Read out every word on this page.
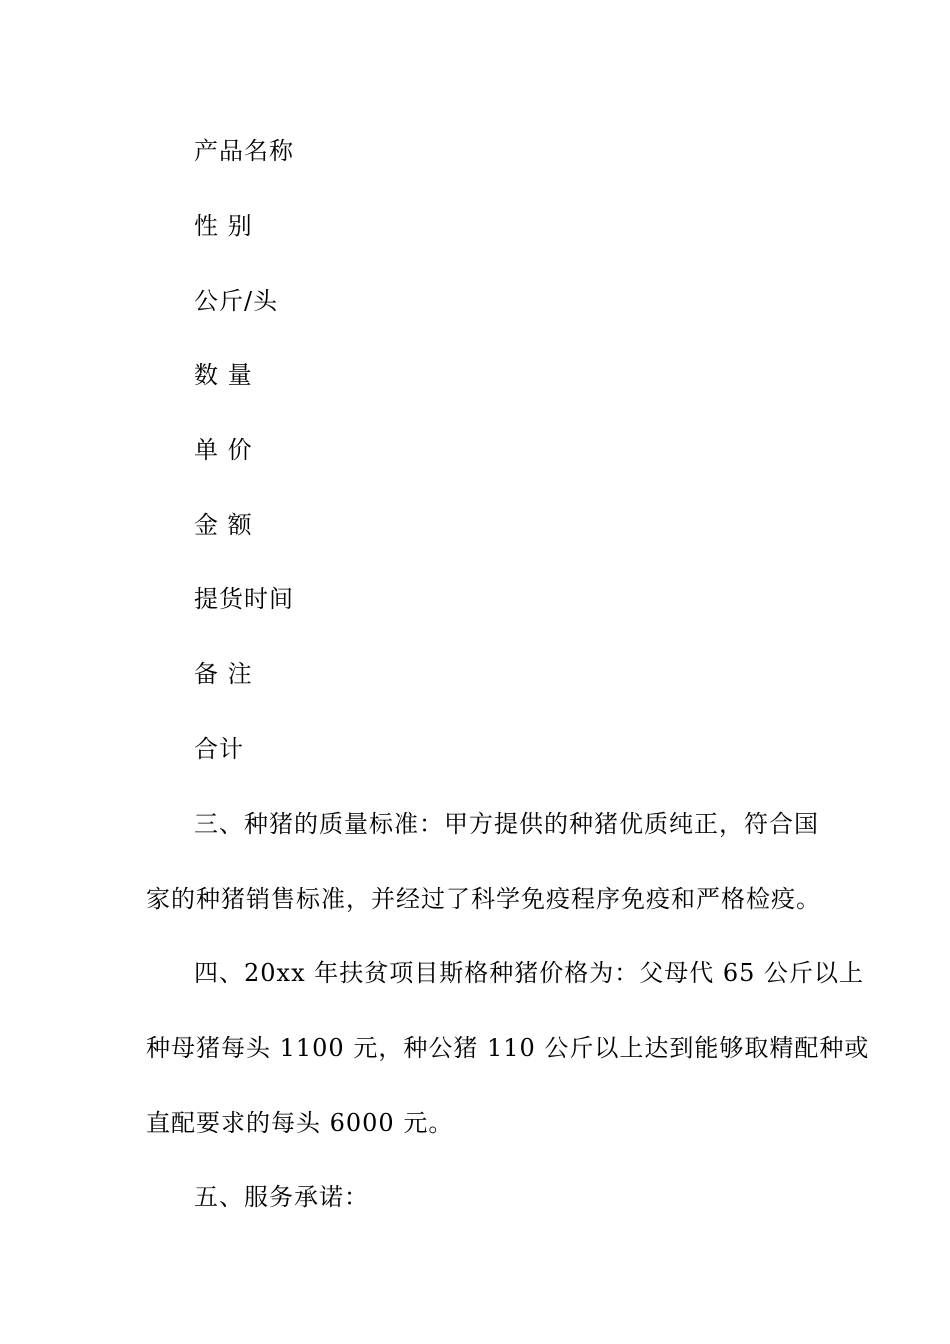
产品名称
性 别
公斤/头
数 量
单 价
金 额
提货时间
备 注
合计
三、种猪的质量标准：甲方提供的种猪优质纯正，符合国
家的种猪销售标准，并经过了科学免疫程序免疫和严格检疫。
四、20xx 年扶贫项目斯格种猪价格为：父母代 65 公斤以上
种母猪每头 1100 元，种公猪 110 公斤以上达到能够取精配种或
直配要求的每头 6000 元。
五、服务承诺：
